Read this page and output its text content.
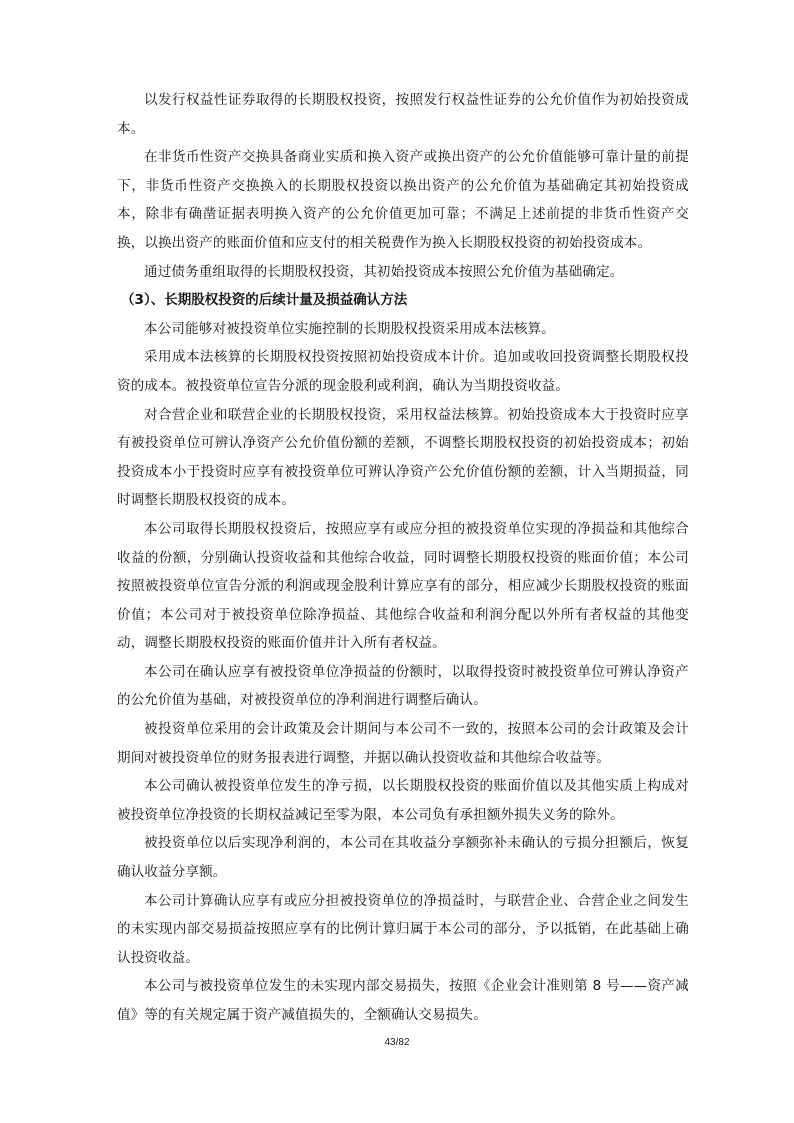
以发行权益性证券取得的长期股权投资，按照发行权益性证券的公允价值作为初始投资成本。

在非货币性资产交换具备商业实质和换入资产或换出资产的公允价值能够可靠计量的前提下，非货币性资产交换换入的长期股权投资以换出资产的公允价值为基础确定其初始投资成本，除非有确凿证据表明换入资产的公允价值更加可靠；不满足上述前提的非货币性资产交换，以换出资产的账面价值和应支付的相关税费作为换入长期股权投资的初始投资成本。

通过债务重组取得的长期股权投资，其初始投资成本按照公允价值为基础确定。

（3）、长期股权投资的后续计量及损益确认方法

本公司能够对被投资单位实施控制的长期股权投资采用成本法核算。

采用成本法核算的长期股权投资按照初始投资成本计价。追加或收回投资调整长期股权投资的成本。被投资单位宣告分派的现金股利或利润，确认为当期投资收益。

对合营企业和联营企业的长期股权投资，采用权益法核算。初始投资成本大于投资时应享有被投资单位可辨认净资产公允价值份额的差额，不调整长期股权投资的初始投资成本；初始投资成本小于投资时应享有被投资单位可辨认净资产公允价值份额的差额，计入当期损益，同时调整长期股权投资的成本。

本公司取得长期股权投资后，按照应享有或应分担的被投资单位实现的净损益和其他综合收益的份额，分别确认投资收益和其他综合收益，同时调整长期股权投资的账面价值；本公司按照被投资单位宣告分派的利润或现金股利计算应享有的部分，相应减少长期股权投资的账面价值；本公司对于被投资单位除净损益、其他综合收益和利润分配以外所有者权益的其他变动，调整长期股权投资的账面价值并计入所有者权益。

本公司在确认应享有被投资单位净损益的份额时，以取得投资时被投资单位可辨认净资产的公允价值为基础，对被投资单位的净利润进行调整后确认。

被投资单位采用的会计政策及会计期间与本公司不一致的，按照本公司的会计政策及会计期间对被投资单位的财务报表进行调整，并据以确认投资收益和其他综合收益等。

本公司确认被投资单位发生的净亏损，以长期股权投资的账面价值以及其他实质上构成对被投资单位净投资的长期权益减记至零为限，本公司负有承担额外损失义务的除外。

被投资单位以后实现净利润的，本公司在其收益分享额弥补未确认的亏损分担额后，恢复确认收益分享额。

本公司计算确认应享有或应分担被投资单位的净损益时，与联营企业、合营企业之间发生的未实现内部交易损益按照应享有的比例计算归属于本公司的部分，予以抵销，在此基础上确认投资收益。

本公司与被投资单位发生的未实现内部交易损失，按照《企业会计准则第 8 号——资产减值》等的有关规定属于资产减值损失的，全额确认交易损失。

43/82
